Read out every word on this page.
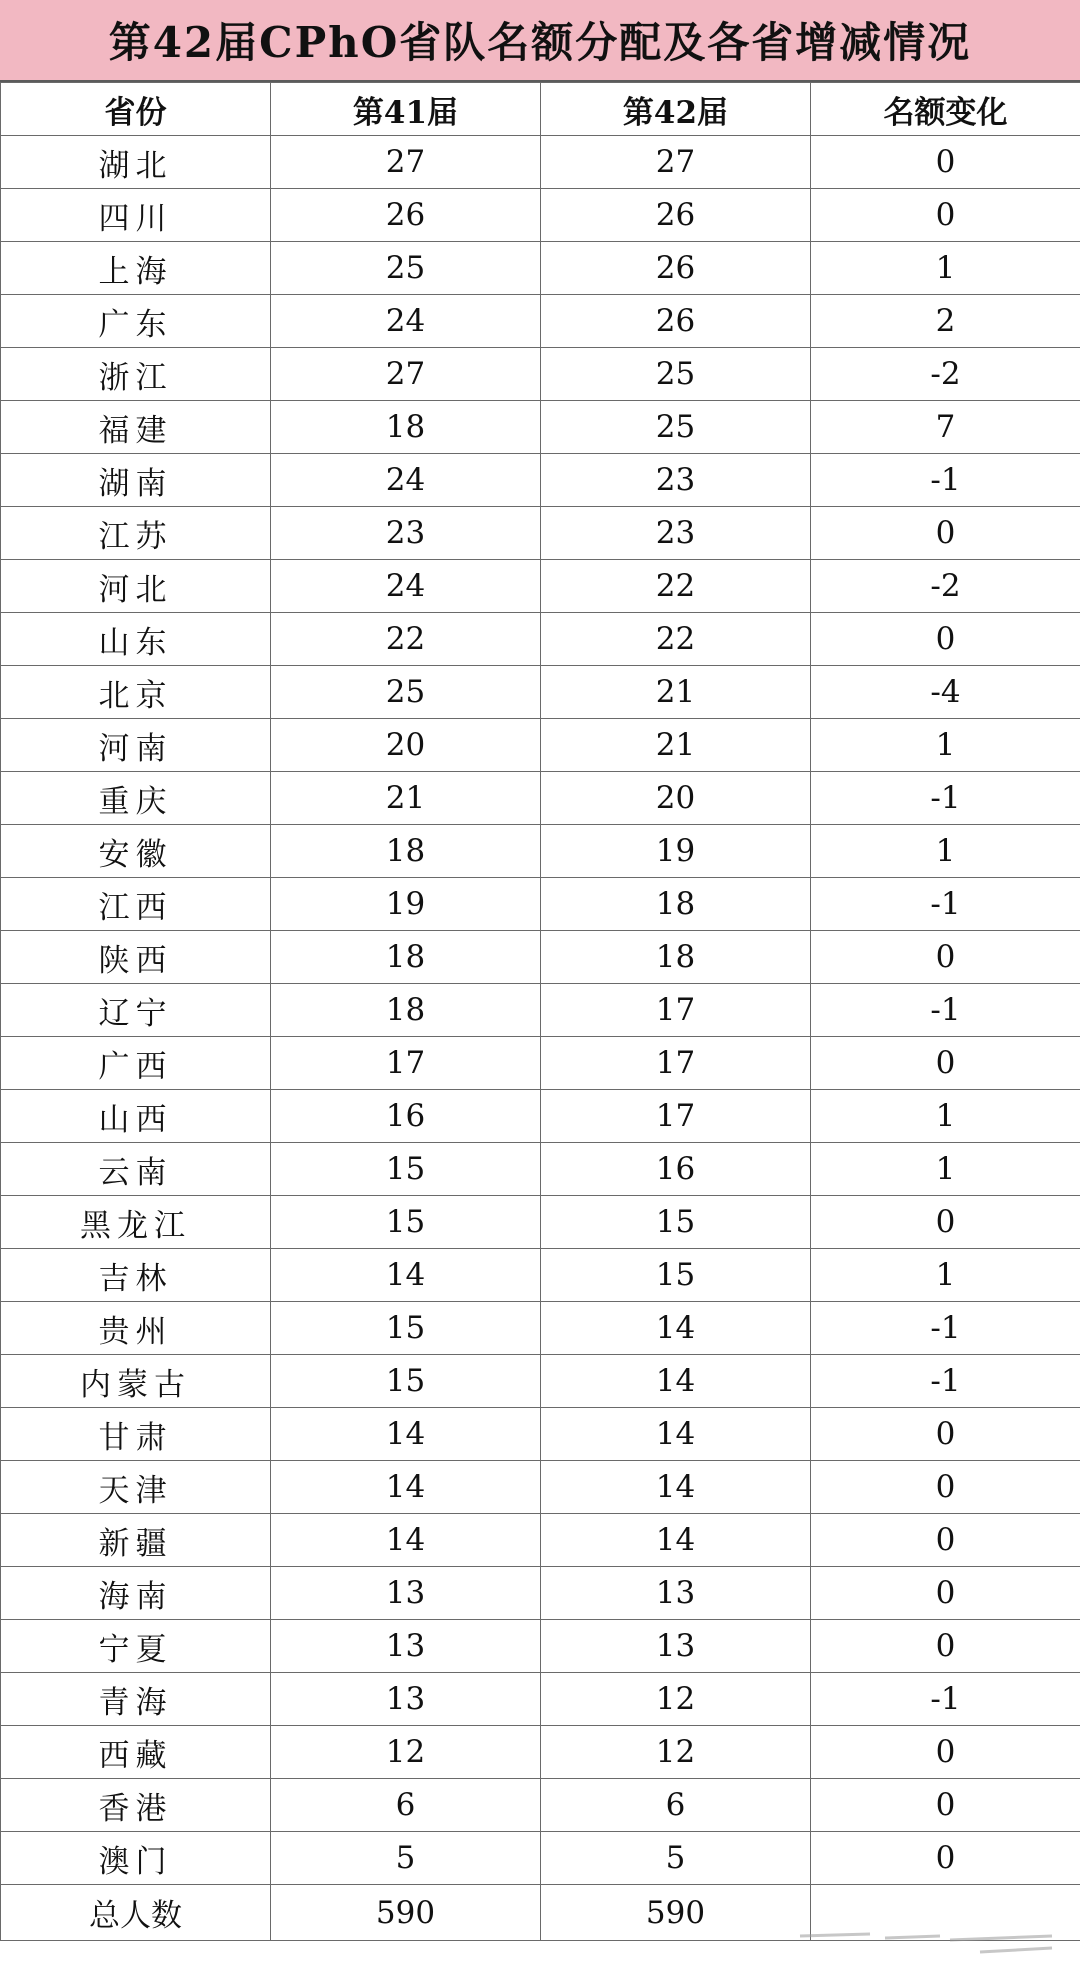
第42届CPhO省队名额分配及各省增减情况
省份	第41届	第42届	名额变化
湖北	27	27	0
四川	26	26	0
上海	25	26	1
广东	24	26	2
浙江	27	25	-2
福建	18	25	7
湖南	24	23	-1
江苏	23	23	0
河北	24	22	-2
山东	22	22	0
北京	25	21	-4
河南	20	21	1
重庆	21	20	-1
安徽	18	19	1
江西	19	18	-1
陕西	18	18	0
辽宁	18	17	-1
广西	17	17	0
山西	16	17	1
云南	15	16	1
黑龙江	15	15	0
吉林	14	15	1
贵州	15	14	-1
内蒙古	15	14	-1
甘肃	14	14	0
天津	14	14	0
新疆	14	14	0
海南	13	13	0
宁夏	13	13	0
青海	13	12	-1
西藏	12	12	0
香港	6	6	0
澳门	5	5	0
总人数	590	590	
